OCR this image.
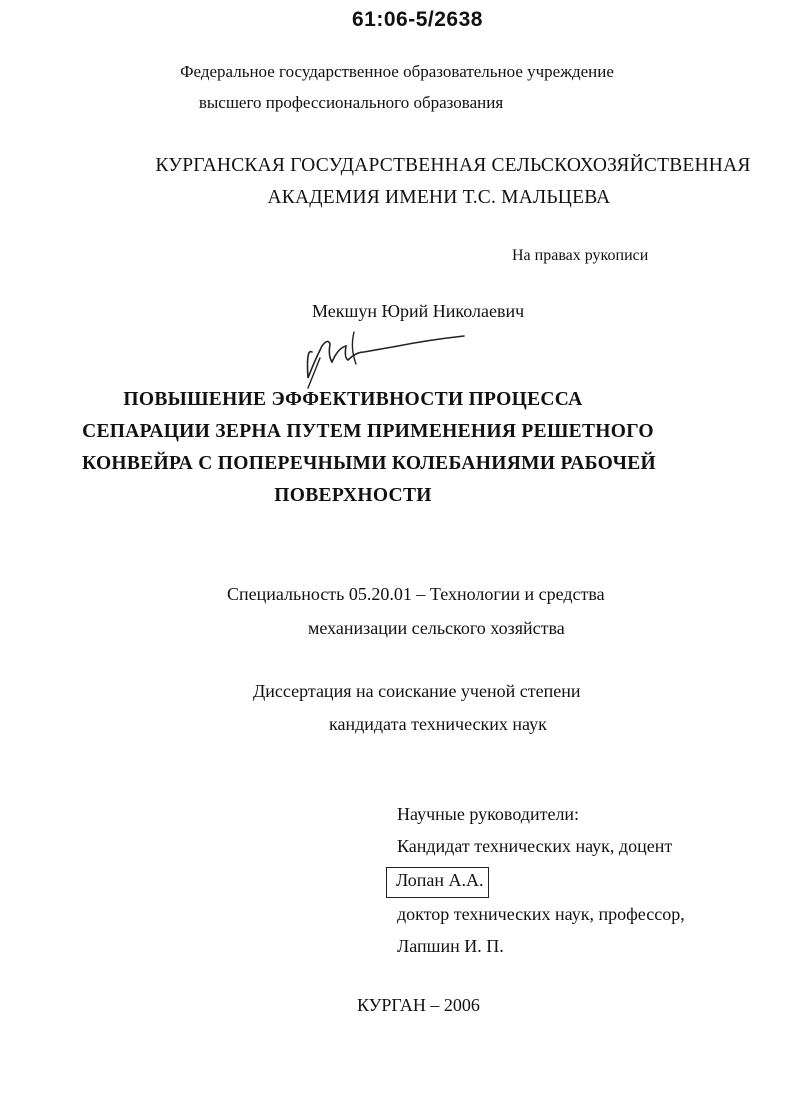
61:06-5/2638
Федеральное государственное образовательное учреждение
высшего профессионального образования
КУРГАНСКАЯ ГОСУДАРСТВЕННАЯ СЕЛЬСКОХОЗЯЙСТВЕННАЯ
АКАДЕМИЯ ИМЕНИ Т.С. МАЛЬЦЕВА
На правах рукописи
Мекшун Юрий Николаевич
ПОВЫШЕНИЕ ЭФФЕКТИВНОСТИ ПРОЦЕССА
СЕПАРАЦИИ ЗЕРНА ПУТЕМ ПРИМЕНЕНИЯ РЕШЕТНОГО
КОНВЕЙРА С ПОПЕРЕЧНЫМИ КОЛЕБАНИЯМИ РАБОЧЕЙ
ПОВЕРХНОСТИ
Специальность 05.20.01 – Технологии и средства
механизации сельского хозяйства
Диссертация на соискание ученой степени
кандидата технических наук
Научные руководители:
Кандидат технических наук, доцент
Лопан А.А.
доктор технических наук, профессор,
Лапшин И. П.
КУРГАН – 2006
